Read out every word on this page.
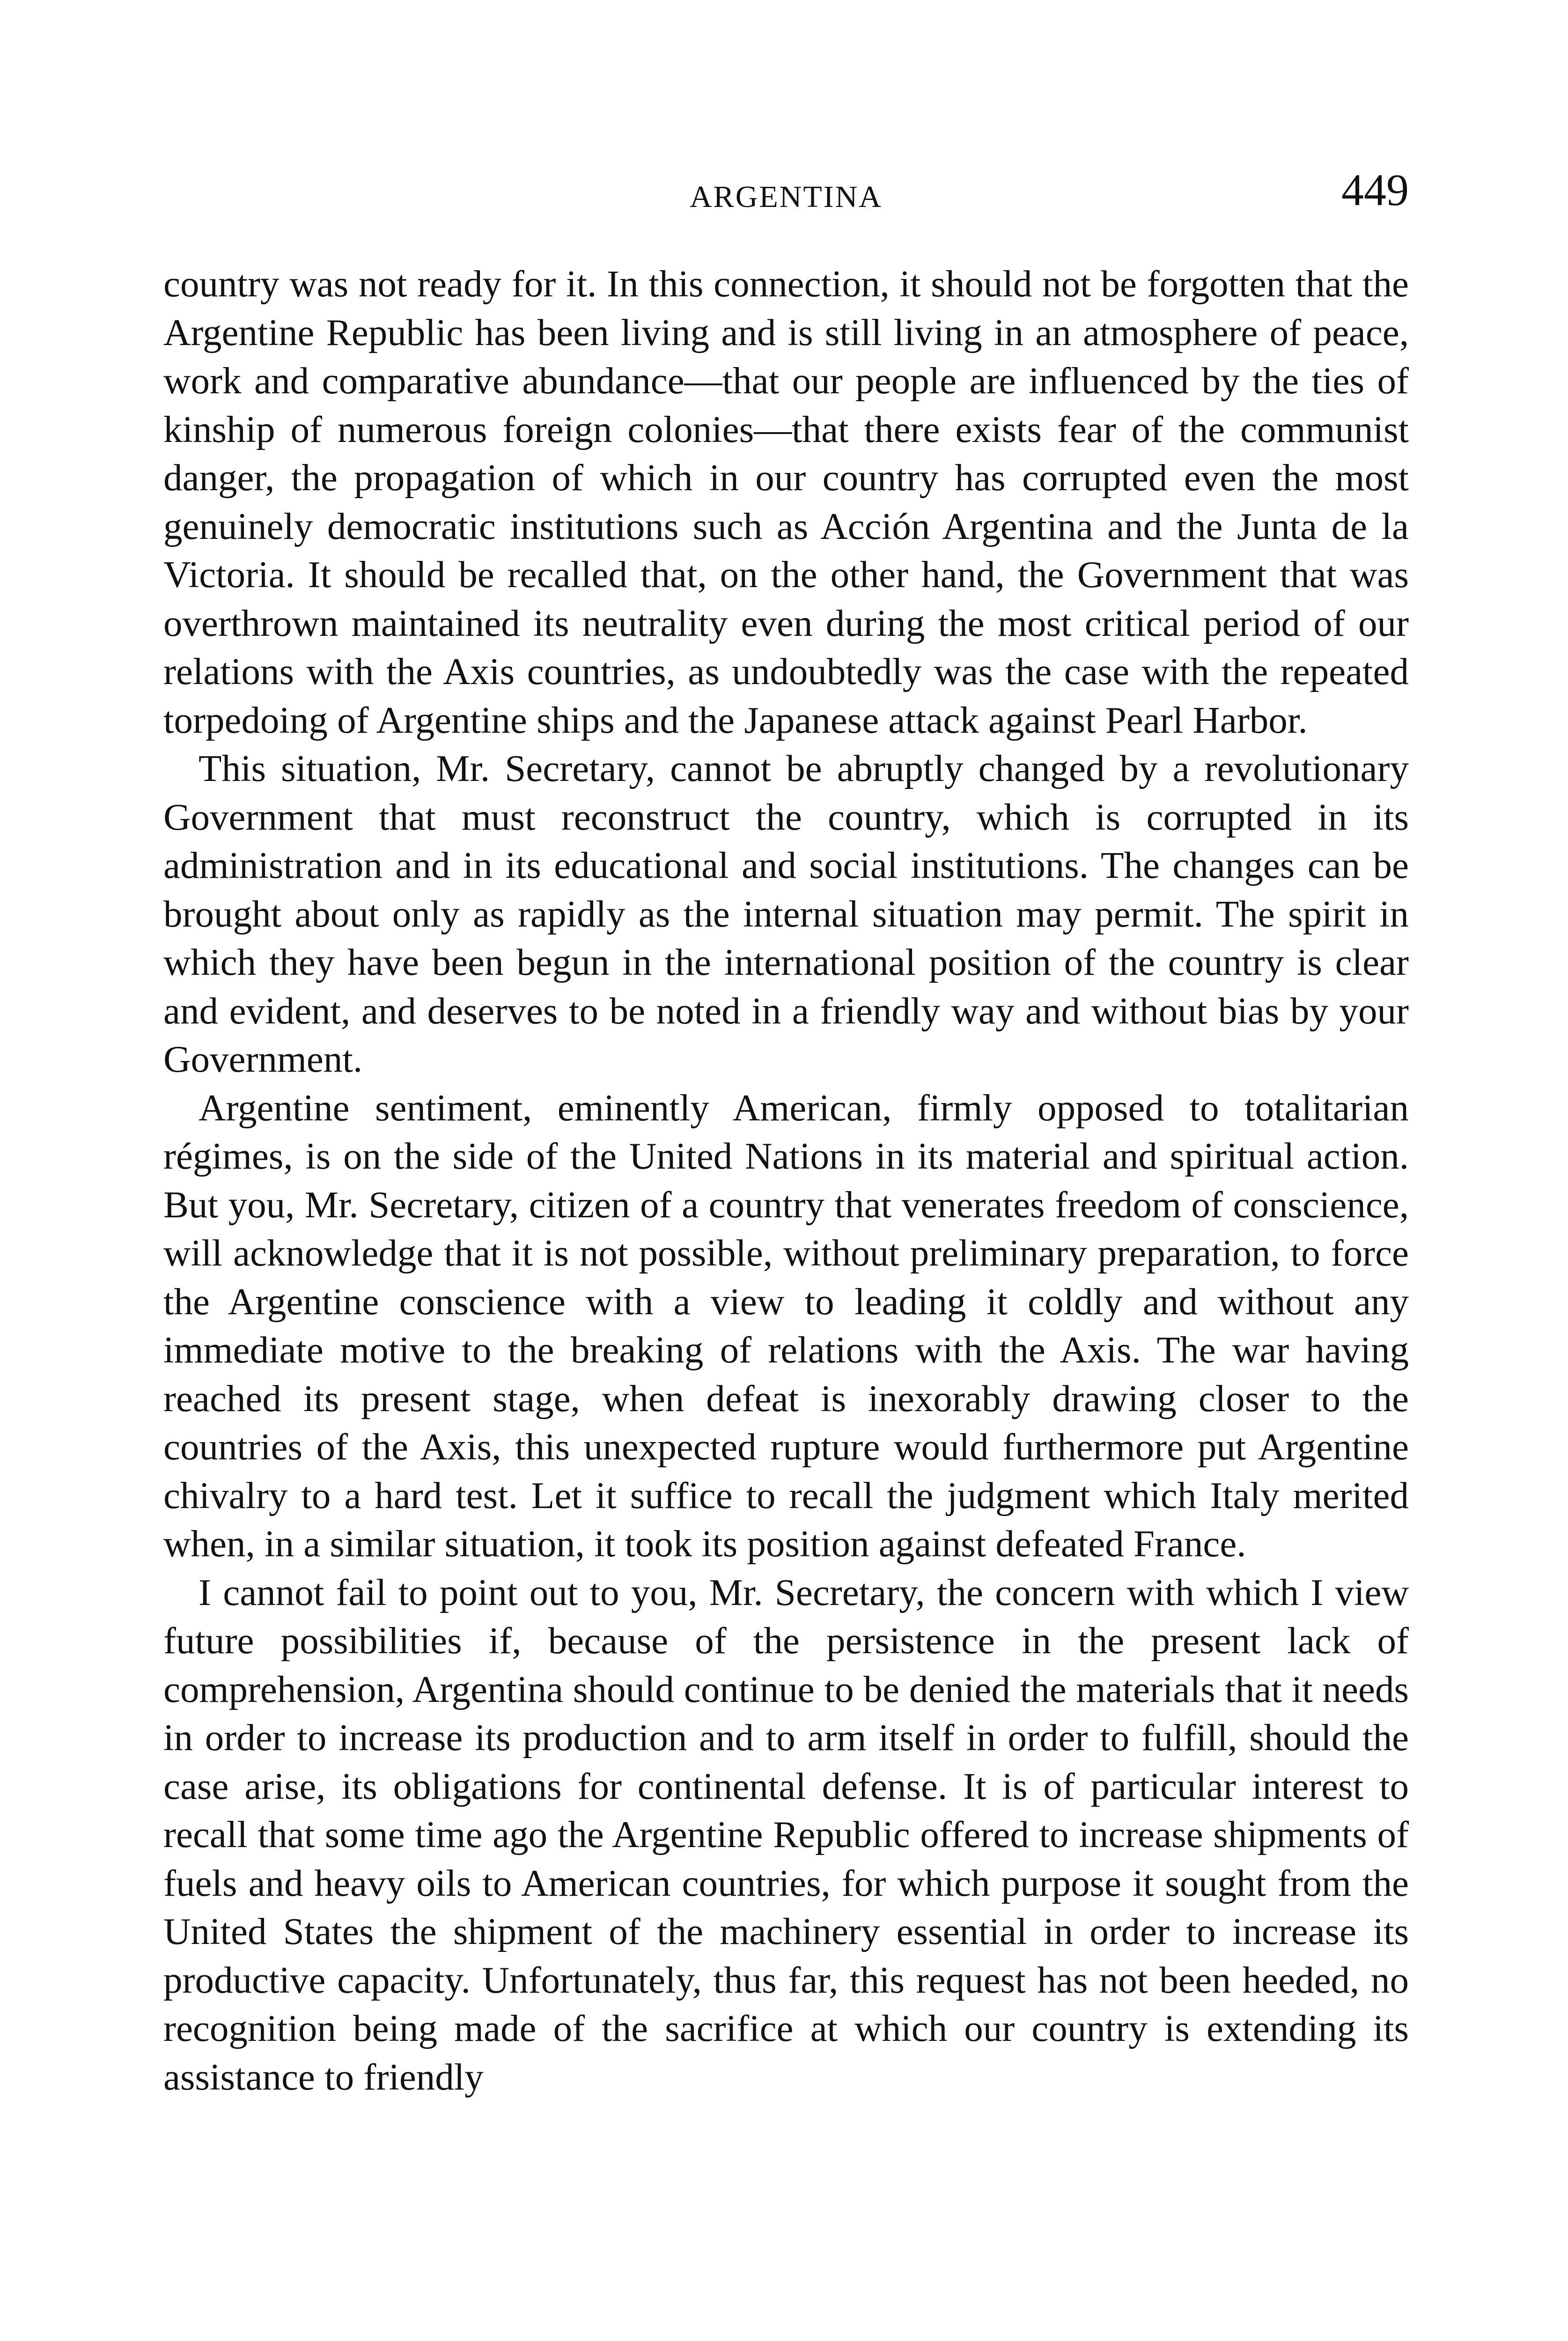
ARGENTINA	449

country was not ready for it. In this connection, it should not be forgotten that the Argentine Republic has been living and is still living in an atmosphere of peace, work and comparative abundance—that our people are influenced by the ties of kinship of numerous foreign colonies—that there exists fear of the communist danger, the propagation of which in our country has corrupted even the most genuinely democratic institutions such as Acción Argentina and the Junta de la Victoria. It should be recalled that, on the other hand, the Government that was overthrown maintained its neutrality even during the most critical period of our relations with the Axis countries, as undoubtedly was the case with the repeated torpedoing of Argentine ships and the Japanese attack against Pearl Harbor.

This situation, Mr. Secretary, cannot be abruptly changed by a revolutionary Government that must reconstruct the country, which is corrupted in its administration and in its educational and social institutions. The changes can be brought about only as rapidly as the internal situation may permit. The spirit in which they have been begun in the international position of the country is clear and evident, and deserves to be noted in a friendly way and without bias by your Government.

Argentine sentiment, eminently American, firmly opposed to totalitarian régimes, is on the side of the United Nations in its material and spiritual action. But you, Mr. Secretary, citizen of a country that venerates freedom of conscience, will acknowledge that it is not possible, without preliminary preparation, to force the Argentine conscience with a view to leading it coldly and without any immediate motive to the breaking of relations with the Axis. The war having reached its present stage, when defeat is inexorably drawing closer to the countries of the Axis, this unexpected rupture would furthermore put Argentine chivalry to a hard test. Let it suffice to recall the judgment which Italy merited when, in a similar situation, it took its position against defeated France.

I cannot fail to point out to you, Mr. Secretary, the concern with which I view future possibilities if, because of the persistence in the present lack of comprehension, Argentina should continue to be denied the materials that it needs in order to increase its production and to arm itself in order to fulfill, should the case arise, its obligations for continental defense. It is of particular interest to recall that some time ago the Argentine Republic offered to increase shipments of fuels and heavy oils to American countries, for which purpose it sought from the United States the shipment of the machinery essential in order to increase its productive capacity. Unfortunately, thus far, this request has not been heeded, no recognition being made of the sacrifice at which our country is extending its assistance to friendly
